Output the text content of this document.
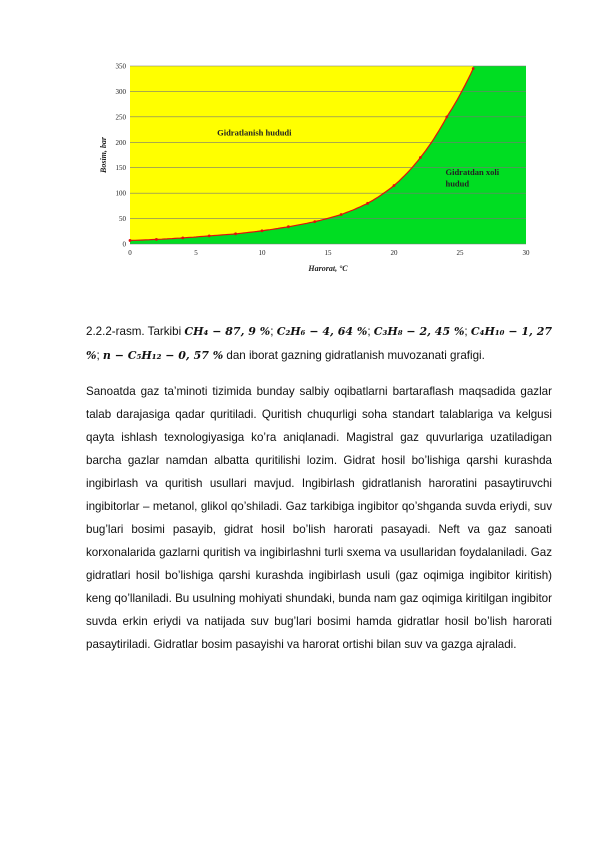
0
50
100
150
200
250
300
350
0	5	10	15	20	25	30
Harorat, °C
Bosim, bar
Gidratlanish hududi
Gidratdan xoli
hudud

2.2.2-rasm. Tarkibi CH₄ − 87, 9 %; C₂H₆ − 4, 64 %; C₃H₈ − 2, 45 %; C₄H₁₀ − 1, 27 %; n − C₅H₁₂ − 0, 57 % dan iborat gazning gidratlanish muvozanati grafigi.

Sanoatda gaz ta’minoti tizimida bunday salbiy oqibatlarni bartaraflash maqsadida gazlar talab darajasiga qadar quritiladi. Quritish chuqurligi soha standart talablariga va kelgusi qayta ishlash texnologiyasiga ko’ra aniqlanadi. Magistral gaz quvurlariga uzatiladigan barcha gazlar namdan albatta quritilishi lozim. Gidrat hosil bo’lishiga qarshi kurashda ingibirlash va quritish usullari mavjud. Ingibirlash gidratlanish haroratini pasaytiruvchi ingibitorlar – metanol, glikol qo’shiladi. Gaz tarkibiga ingibitor qo’shganda suvda eriydi, suv bug’lari bosimi pasayib, gidrat hosil bo’lish harorati pasayadi. Neft va gaz sanoati korxonalarida gazlarni quritish va ingibirlashni turli sxema va usullaridan foydalaniladi. Gaz gidratlari hosil bo’lishiga qarshi kurashda ingibirlash usuli (gaz oqimiga ingibitor kiritish) keng qo’llaniladi. Bu usulning mohiyati shundaki, bunda nam gaz oqimiga kiritilgan ingibitor suvda erkin eriydi va natijada suv bug’lari bosimi hamda gidratlar hosil bo’lish harorati pasaytiriladi. Gidratlar bosim pasayishi va harorat ortishi bilan suv va gazga ajraladi.
